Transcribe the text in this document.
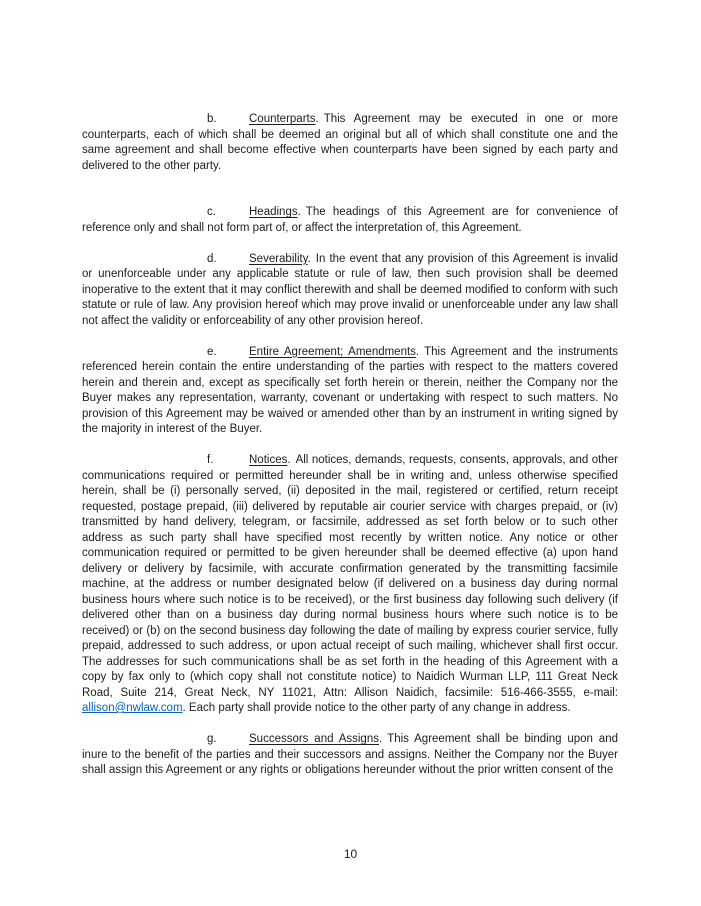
b.	Counterparts. This Agreement may be executed in one or more counterparts, each of which shall be deemed an original but all of which shall constitute one and the same agreement and shall become effective when counterparts have been signed by each party and delivered to the other party.

c.	Headings. The headings of this Agreement are for convenience of reference only and shall not form part of, or affect the interpretation of, this Agreement.

d.	Severability. In the event that any provision of this Agreement is invalid or unenforceable under any applicable statute or rule of law, then such provision shall be deemed inoperative to the extent that it may conflict therewith and shall be deemed modified to conform with such statute or rule of law. Any provision hereof which may prove invalid or unenforceable under any law shall not affect the validity or enforceability of any other provision hereof.

e.	Entire Agreement; Amendments. This Agreement and the instruments referenced herein contain the entire understanding of the parties with respect to the matters covered herein and therein and, except as specifically set forth herein or therein, neither the Company nor the Buyer makes any representation, warranty, covenant or undertaking with respect to such matters. No provision of this Agreement may be waived or amended other than by an instrument in writing signed by the majority in interest of the Buyer.

f.	Notices. All notices, demands, requests, consents, approvals, and other communications required or permitted hereunder shall be in writing and, unless otherwise specified herein, shall be (i) personally served, (ii) deposited in the mail, registered or certified, return receipt requested, postage prepaid, (iii) delivered by reputable air courier service with charges prepaid, or (iv) transmitted by hand delivery, telegram, or facsimile, addressed as set forth below or to such other address as such party shall have specified most recently by written notice. Any notice or other communication required or permitted to be given hereunder shall be deemed effective (a) upon hand delivery or delivery by facsimile, with accurate confirmation generated by the transmitting facsimile machine, at the address or number designated below (if delivered on a business day during normal business hours where such notice is to be received), or the first business day following such delivery (if delivered other than on a business day during normal business hours where such notice is to be received) or (b) on the second business day following the date of mailing by express courier service, fully prepaid, addressed to such address, or upon actual receipt of such mailing, whichever shall first occur. The addresses for such communications shall be as set forth in the heading of this Agreement with a copy by fax only to (which copy shall not constitute notice) to Naidich Wurman LLP, 111 Great Neck Road, Suite 214, Great Neck, NY 11021, Attn: Allison Naidich, facsimile: 516-466-3555, e-mail: allison@nwlaw.com. Each party shall provide notice to the other party of any change in address.

g.	Successors and Assigns. This Agreement shall be binding upon and inure to the benefit of the parties and their successors and assigns. Neither the Company nor the Buyer shall assign this Agreement or any rights or obligations hereunder without the prior written consent of the

10
